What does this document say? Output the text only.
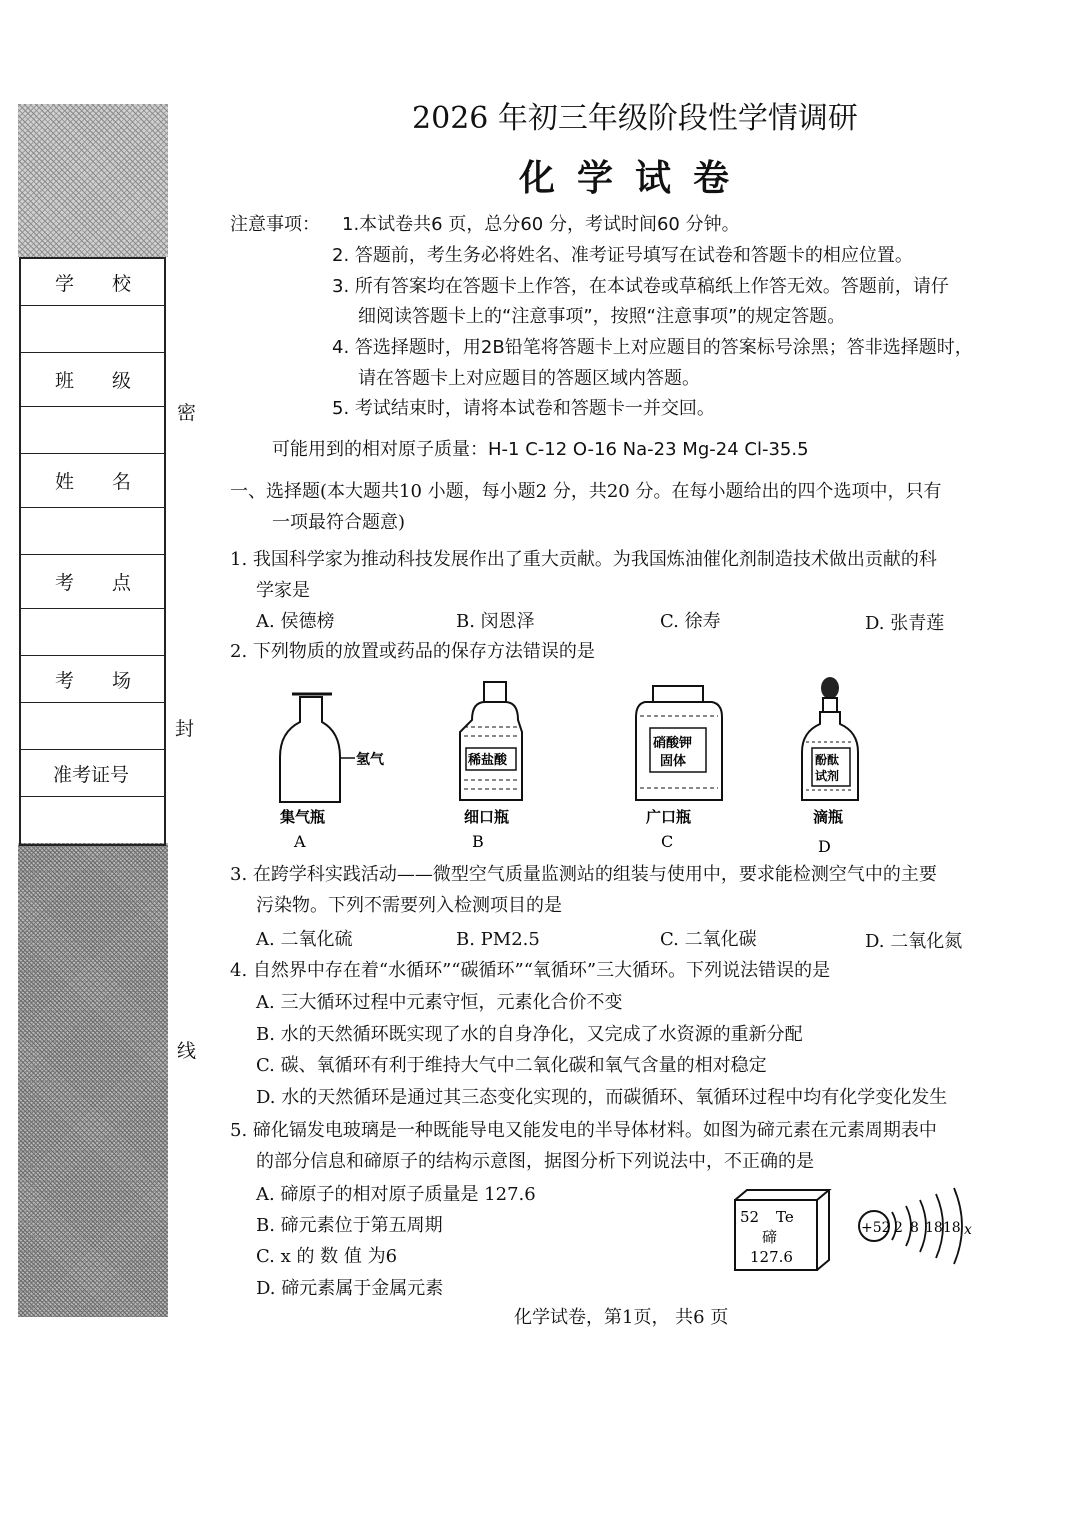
学　　校
班　　级
姓　　名
考　　点
考　　场
准考证号
密
封
线
2026 年初三年级阶段性学情调研
化学试卷
注意事项： 1.本试卷共6 页，总分60 分，考试时间60 分钟。
2. 答题前，考生务必将姓名、准考证号填写在试卷和答题卡的相应位置。
3. 所有答案均在答题卡上作答，在本试卷或草稿纸上作答无效。答题前，请仔
细阅读答题卡上的“注意事项”，按照“注意事项”的规定答题。
4. 答选择题时，用2B铅笔将答题卡上对应题目的答案标号涂黑；答非选择题时，
请在答题卡上对应题目的答题区域内答题。
5. 考试结束时，请将本试卷和答题卡一并交回。
可能用到的相对原子质量：H-1 C-12 O-16 Na-23 Mg-24 Cl-35.5
一、选择题(本大题共10 小题，每小题2 分，共20 分。在每小题给出的四个选项中，只有
一项最符合题意)
1. 我国科学家为推动科技发展作出了重大贡献。为我国炼油催化剂制造技术做出贡献的科
学家是
A. 侯德榜	B. 闵恩泽	C. 徐寿	D. 张青莲
2. 下列物质的放置或药品的保存方法错误的是
氢气
集气瓶
A
稀盐酸
细口瓶
B
硝酸钾
固体
广口瓶
C
酚酞
试剂
滴瓶
D
3. 在跨学科实践活动——微型空气质量监测站的组装与使用中，要求能检测空气中的主要
污染物。下列不需要列入检测项目的是
A. 二氧化硫	B. PM2.5	C. 二氧化碳	D. 二氧化氮
4. 自然界中存在着“水循环”“碳循环”“氧循环”三大循环。下列说法错误的是
A. 三大循环过程中元素守恒，元素化合价不变
B. 水的天然循环既实现了水的自身净化，又完成了水资源的重新分配
C. 碳、氧循环有利于维持大气中二氧化碳和氧气含量的相对稳定
D. 水的天然循环是通过其三态变化实现的，而碳循环、氧循环过程中均有化学变化发生
5. 碲化镉发电玻璃是一种既能导电又能发电的半导体材料。如图为碲元素在元素周期表中
的部分信息和碲原子的结构示意图，据图分析下列说法中，不正确的是
A. 碲原子的相对原子质量是 127.6
B. 碲元素位于第五周期
C. x 的 数 值 为6
D. 碲元素属于金属元素
52 Te
碲
127.6
+52 2 8 1818 x
化学试卷，第1页， 共6 页
